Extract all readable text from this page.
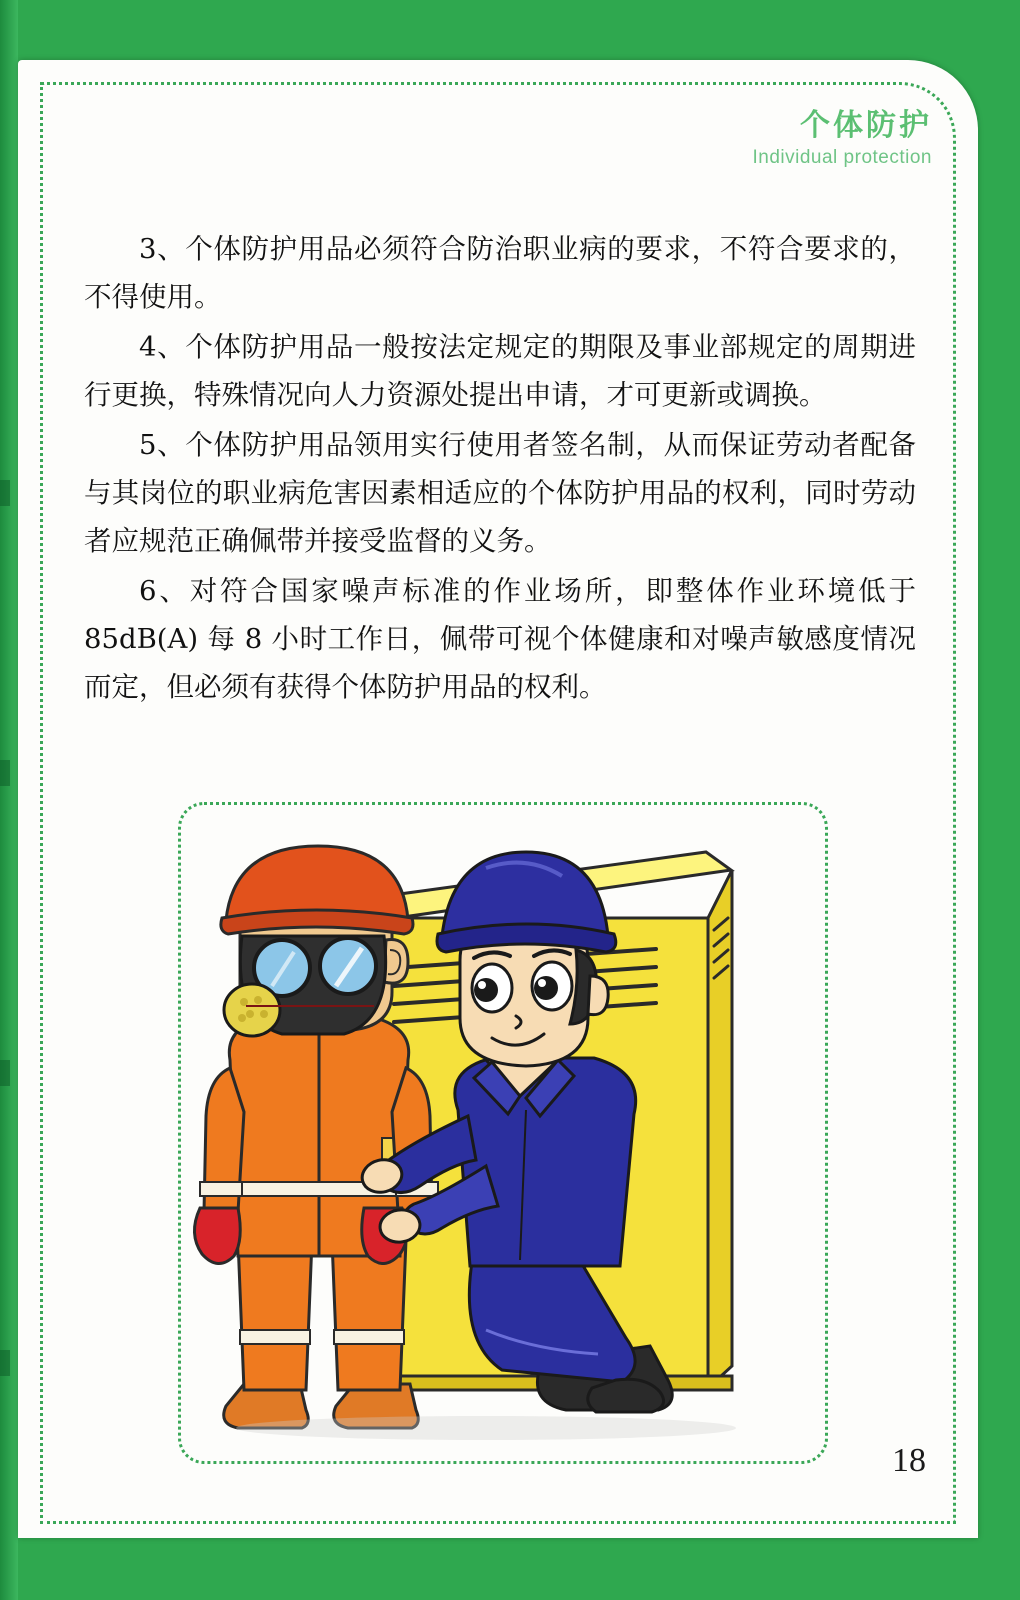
个体防护
Individual protection

3、个体防护用品必须符合防治职业病的要求，不符合要求的，不得使用。

4、个体防护用品一般按法定规定的期限及事业部规定的周期进行更换，特殊情况向人力资源处提出申请，才可更新或调换。

5、个体防护用品领用实行使用者签名制，从而保证劳动者配备与其岗位的职业病危害因素相适应的个体防护用品的权利，同时劳动者应规范正确佩带并接受监督的义务。

6、对符合国家噪声标准的作业场所，即整体作业环境低于 85dB(A) 每 8 小时工作日，佩带可视个体健康和对噪声敏感度情况而定，但必须有获得个体防护用品的权利。

18
